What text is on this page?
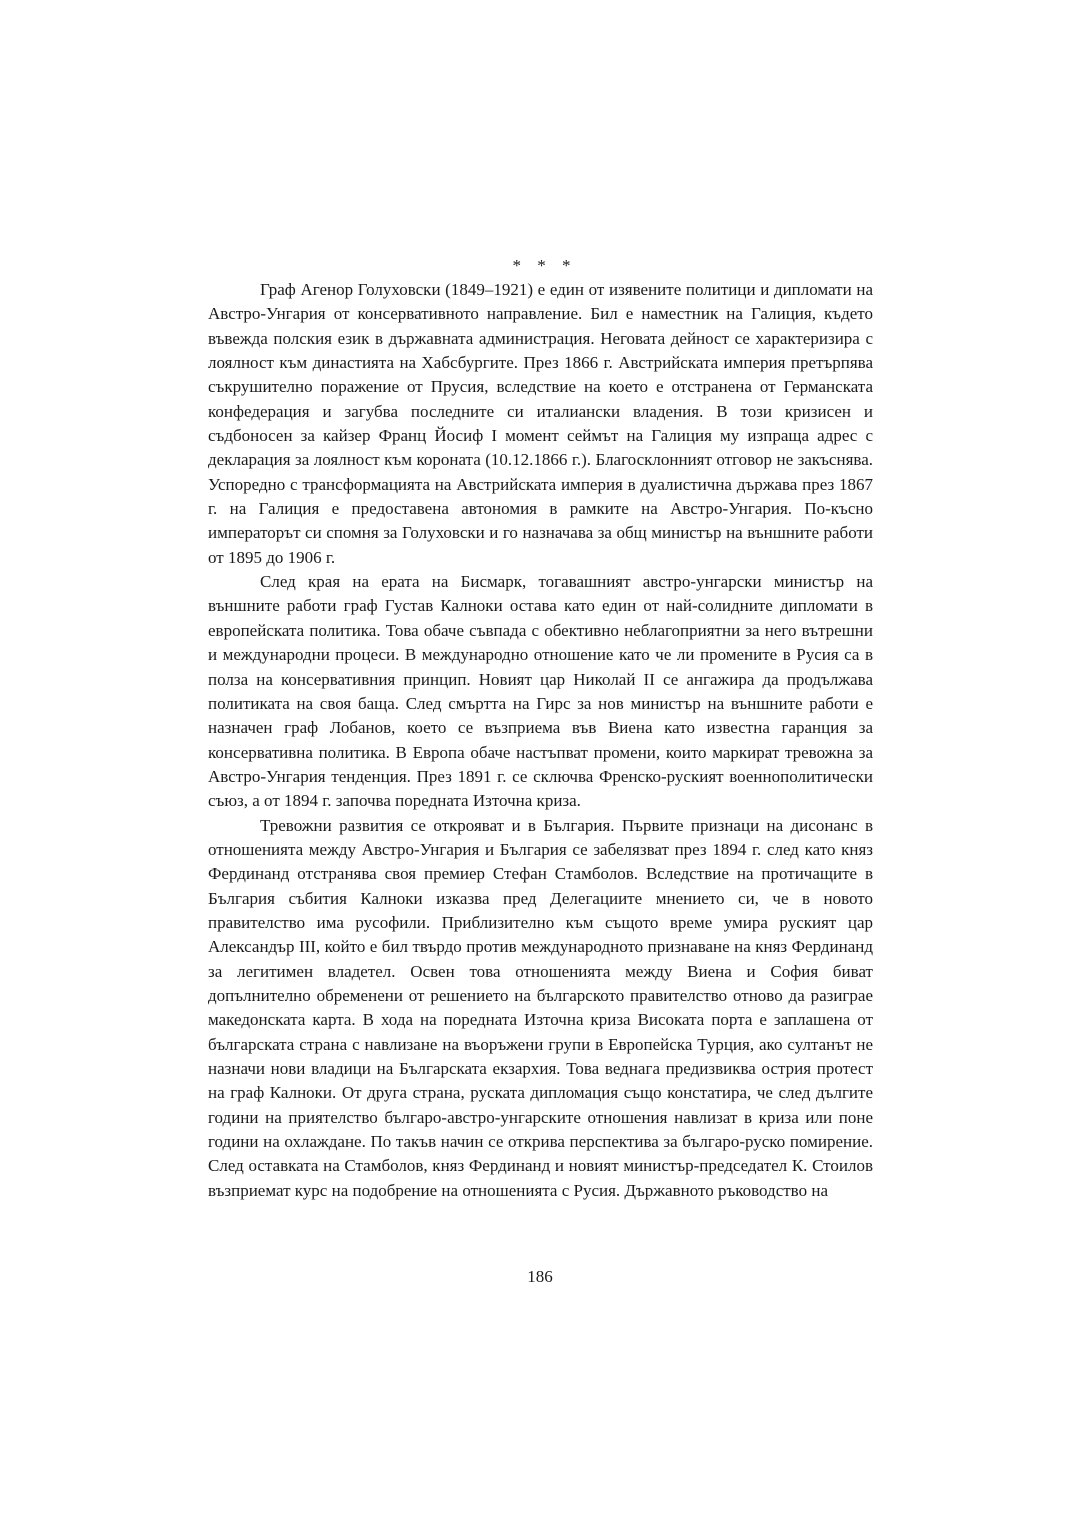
* * *

Граф Агенор Голуховски (1849–1921) е един от изявените политици и дипломати на Австро-Унгария от консервативното направление. Бил е наместник на Галиция, където въвежда полския език в държавната администрация. Неговата дейност се характеризира с лоялност към династията на Хабсбургите. През 1866 г. Австрийската империя претърпява съкрушително поражение от Прусия, вследствие на което е отстранена от Германската конфедерация и загубва последните си италиански владения. В този кризисен и съдбоносен за кайзер Франц Йосиф I момент сеймът на Галиция му изпраща адрес с декларация за лоялност към короната (10.12.1866 г.). Благосклонният отговор не закъснява. Успоредно с трансформацията на Австрийската империя в дуалистична държава през 1867 г. на Галиция е предоставена автономия в рамките на Австро-Унгария. По-късно императорът си спомня за Голуховски и го назначава за общ министър на външните работи от 1895 до 1906 г.

След края на ерата на Бисмарк, тогавашният австро-унгарски министър на външните работи граф Густав Калноки остава като един от най-солидните дипломати в европейската политика. Това обаче съвпада с обективно неблагоприятни за него вътрешни и международни процеси. В международно отношение като че ли промените в Русия са в полза на консервативния принцип. Новият цар Николай II се ангажира да продължава политиката на своя баща. След смъртта на Гирс за нов министър на външните работи е назначен граф Лобанов, което се възприема във Виена като известна гаранция за консервативна политика. В Европа обаче настъпват промени, които маркират тревожна за Австро-Унгария тенденция. През 1891 г. се сключва Френско-руският военнополитически съюз, а от 1894 г. започва поредната Източна криза.

Тревожни развития се открояват и в България. Първите признаци на дисонанс в отношенията между Австро-Унгария и България се забелязват през 1894 г. след като княз Фердинанд отстранява своя премиер Стефан Стамболов. Вследствие на протичащите в България събития Калноки изказва пред Делегациите мнението си, че в новото правителство има русофили. Приблизително към същото време умира руският цар Александър III, който е бил твърдо против международното признаване на княз Фердинанд за легитимен владетел. Освен това отношенията между Виена и София биват допълнително обременени от решението на българското правителство отново да разиграе македонската карта. В хода на поредната Източна криза Високата порта е заплашена от българската страна с навлизане на въоръжени групи в Европейска Турция, ако султанът не назначи нови владици на Българската екзархия. Това веднага предизвиква острия протест на граф Калноки. От друга страна, руската дипломация също констатира, че след дългите години на приятелство българо-австро-унгарските отношения навлизат в криза или поне години на охлаждане. По такъв начин се открива перспектива за българо-руско помирение. След оставката на Стамболов, княз Фердинанд и новият министър-председател К. Стоилов възприемат курс на подобрение на отношенията с Русия. Държавното ръководство на

186
